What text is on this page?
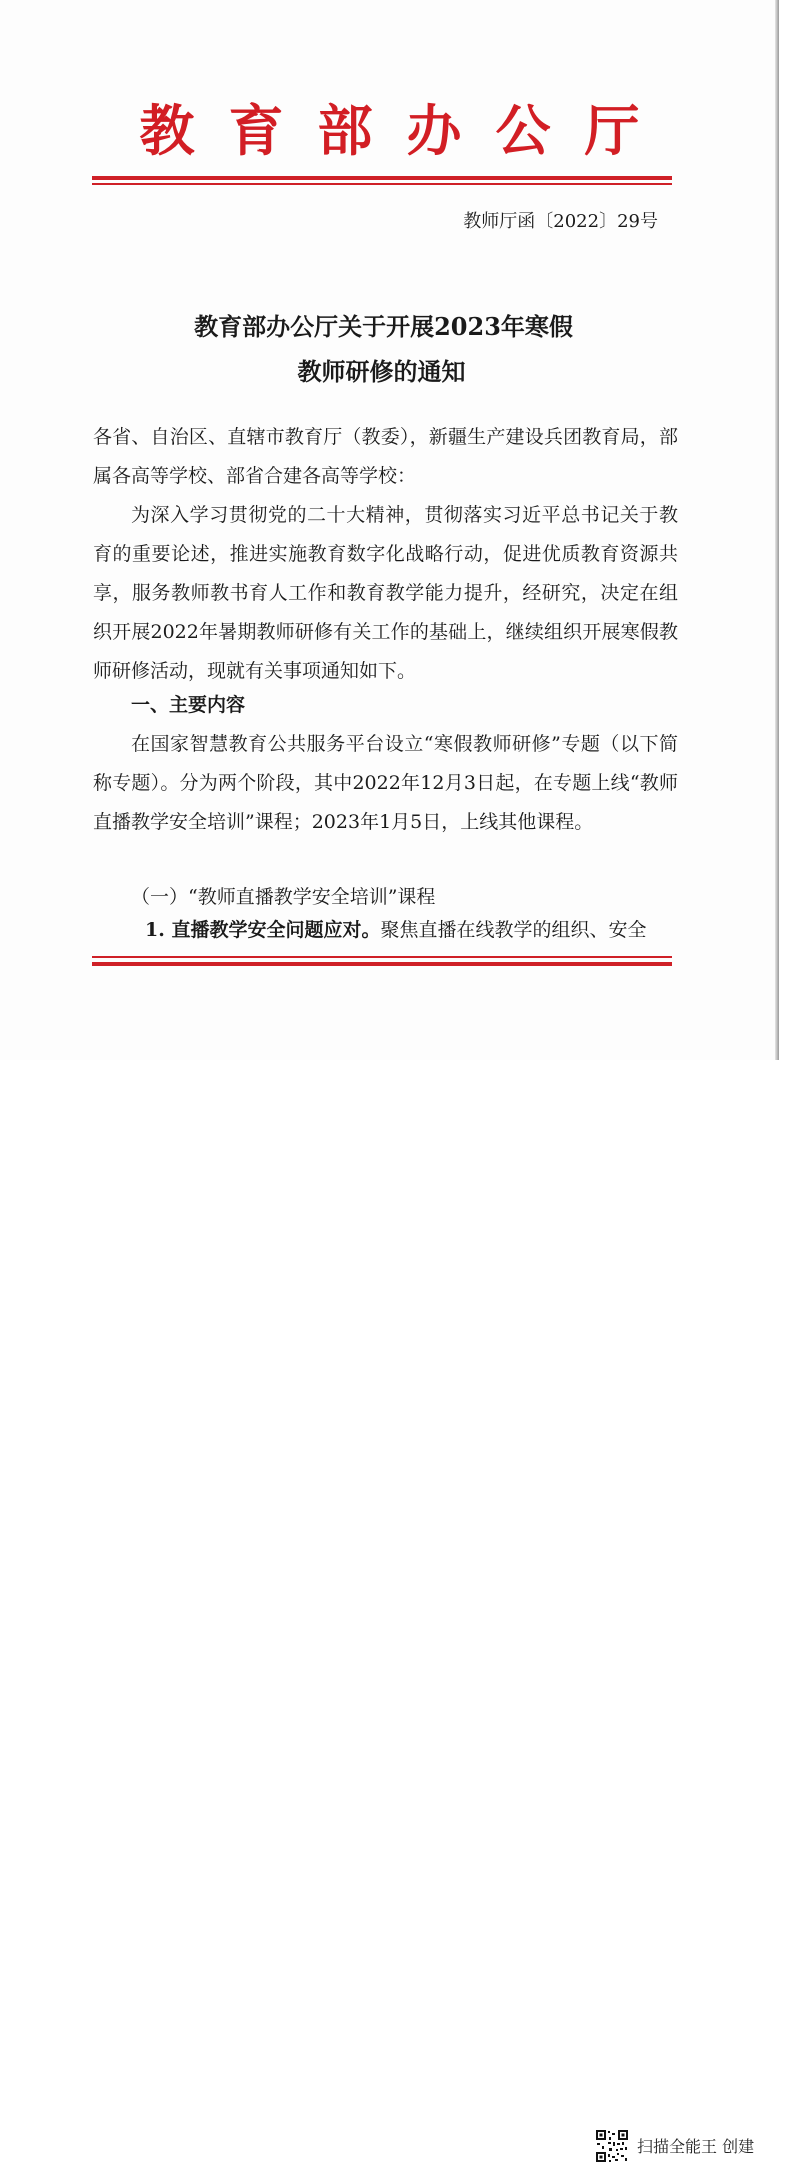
教育部办公厅
教师厅函〔2022〕29号
教育部办公厅关于开展2023年寒假
教师研修的通知

各省、自治区、直辖市教育厅（教委），新疆生产建设兵团教育局，部属各高等学校、部省合建各高等学校：

为深入学习贯彻党的二十大精神，贯彻落实习近平总书记关于教育的重要论述，推进实施教育数字化战略行动，促进优质教育资源共享，服务教师教书育人工作和教育教学能力提升，经研究，决定在组织开展2022年暑期教师研修有关工作的基础上，继续组织开展寒假教师研修活动，现就有关事项通知如下。

一、主要内容

在国家智慧教育公共服务平台设立“寒假教师研修”专题（以下简称专题）。分为两个阶段，其中2022年12月3日起，在专题上线“教师直播教学安全培训”课程；2023年1月5日，上线其他课程。

（一）“教师直播教学安全培训”课程
1. 直播教学安全问题应对。聚焦直播在线教学的组织、安全
扫描全能王 创建
